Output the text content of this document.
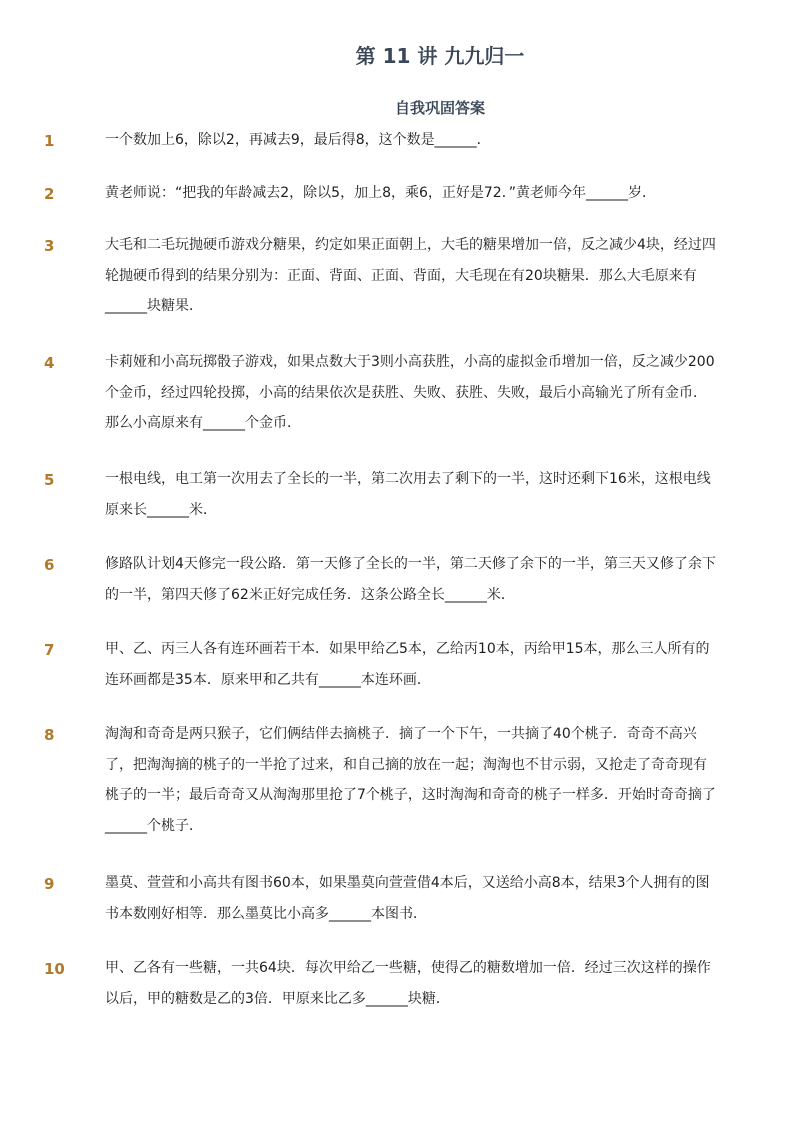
第 11 讲 九九归一
自我巩固答案
1	一个数加上6，除以2，再减去9，最后得8，这个数是______．
2	黄老师说：“把我的年龄减去2，除以5，加上8，乘6，正好是72．”黄老师今年______岁．
3	大毛和二毛玩抛硬币游戏分糖果，约定如果正面朝上，大毛的糖果增加一倍，反之减少4块，经过四轮抛硬币得到的结果分别为：正面、背面、正面、背面，大毛现在有20块糖果．那么大毛原来有______块糖果．
4	卡莉娅和小高玩掷骰子游戏，如果点数大于3则小高获胜，小高的虚拟金币增加一倍，反之减少200个金币，经过四轮投掷，小高的结果依次是获胜、失败、获胜、失败，最后小高输光了所有金币．那么小高原来有______个金币．
5	一根电线，电工第一次用去了全长的一半，第二次用去了剩下的一半，这时还剩下16米，这根电线原来长______米．
6	修路队计划4天修完一段公路．第一天修了全长的一半，第二天修了余下的一半，第三天又修了余下的一半，第四天修了62米正好完成任务．这条公路全长______米．
7	甲、乙、丙三人各有连环画若干本．如果甲给乙5本，乙给丙10本，丙给甲15本，那么三人所有的连环画都是35本．原来甲和乙共有______本连环画．
8	淘淘和奇奇是两只猴子，它们俩结伴去摘桃子．摘了一个下午，一共摘了40个桃子．奇奇不高兴了，把淘淘摘的桃子的一半抢了过来，和自己摘的放在一起；淘淘也不甘示弱，又抢走了奇奇现有桃子的一半；最后奇奇又从淘淘那里抢了7个桃子，这时淘淘和奇奇的桃子一样多．开始时奇奇摘了______个桃子．
9	墨莫、萱萱和小高共有图书60本，如果墨莫向萱萱借4本后，又送给小高8本，结果3个人拥有的图书本数刚好相等．那么墨莫比小高多______本图书．
10	甲、乙各有一些糖，一共64块．每次甲给乙一些糖，使得乙的糖数增加一倍．经过三次这样的操作以后，甲的糖数是乙的3倍．甲原来比乙多______块糖．
